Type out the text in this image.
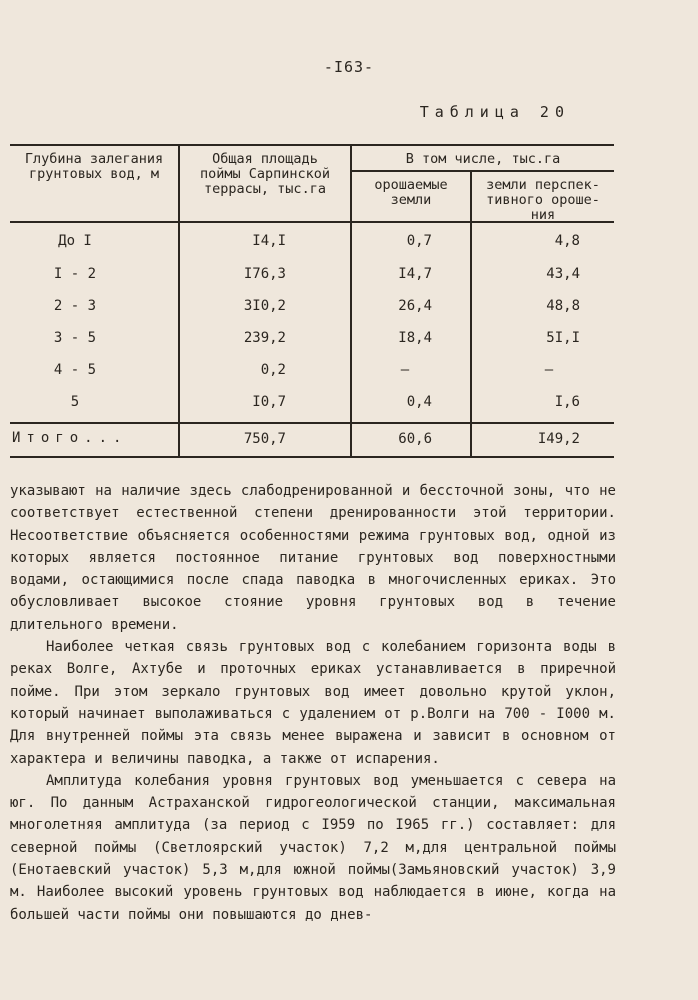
-I63-
Таблица 20
Глубина залегания
грунтовых вод, м
Общая площадь
поймы Сарпинской
террасы, тыс.га
В том числе, тыс.га
орошаемые
земли
земли перспек-
тивного ороше-
ния
До I	I4,I	0,7	4,8
I - 2	I76,3	I4,7	43,4
2 - 3	3I0,2	26,4	48,8
3 - 5	239,2	I8,4	5I,I
4 - 5	0,2	–	–
5	I0,7	0,4	I,6
Итого...	750,7	60,6	I49,2

указывают на наличие здесь слабодренированной и бессточной зоны, что не соответствует естественной степени дренированности этой территории. Несоответствие объясняется особенностями режима грунтовых вод, одной из которых является постоянное питание грунтовых вод поверхностными водами, остающимися после спада паводка в многочисленных ериках. Это обусловливает высокое стояние уровня грунтовых вод в течение длительного времени.

Наиболее четкая связь грунтовых вод с колебанием горизонта воды в реках Волге, Ахтубе и проточных ериках устанавливается в приречной пойме. При этом зеркало грунтовых вод имеет довольно крутой уклон, который начинает выполаживаться с удалением от р.Волги на 700 - I000 м. Для внутренней поймы эта связь менее выражена и зависит в основном от характера и величины паводка, а также от испарения.

Амплитуда колебания уровня грунтовых вод уменьшается с севера на юг. По данным Астраханской гидрогеологической станции, максимальная многолетняя амплитуда (за период с I959 по I965 гг.) составляет: для северной поймы (Светлоярский участок) 7,2 м,для центральной поймы (Енотаевский участок) 5,3 м,для южной поймы(Замьяновский участок) 3,9 м. Наиболее высокий уровень грунтовых вод наблюдается в июне, когда на большей части поймы они повышаются до днев-
